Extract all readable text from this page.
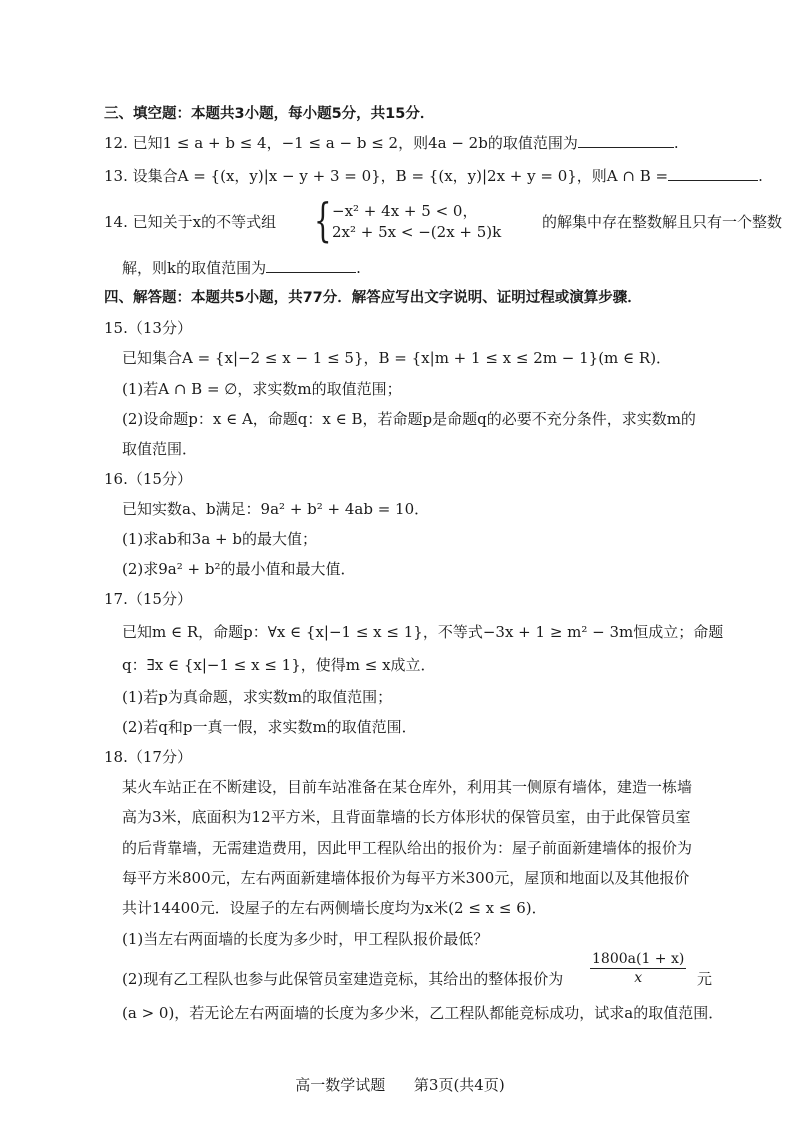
三、填空题：本题共3小题，每小题5分，共15分．
12. 已知1 ≤ a + b ≤ 4，−1 ≤ a − b ≤ 2，则4a − 2b的取值范围为	.
13. 设集合A = {(x，y)|x − y + 3 = 0}，B = {(x，y)|2x + y = 0}，则A ∩ B =	.
14. 已知关于x的不等式组 { −x² + 4x + 5 < 0，
2x² + 5x < −(2x + 5)k
的解集中存在整数解且只有一个整数
解，则k的取值范围为	.
四、解答题：本题共5小题，共77分．解答应写出文字说明、证明过程或演算步骤．
15.（13分）
已知集合A = {x|−2 ≤ x − 1 ≤ 5}，B = {x|m + 1 ≤ x ≤ 2m − 1}(m ∈ R)．
(1)若A ∩ B = ∅，求实数m的取值范围；
(2)设命题p：x ∈ A，命题q：x ∈ B，若命题p是命题q的必要不充分条件，求实数m的
取值范围．
16.（15分）
已知实数a、b满足：9a² + b² + 4ab = 10．
(1)求ab和3a + b的最大值；
(2)求9a² + b²的最小值和最大值．
17.（15分）
已知m ∈ R，命题p：∀x ∈ {x|−1 ≤ x ≤ 1}，不等式−3x + 1 ≥ m² − 3m恒成立；命题
q：∃x ∈ {x|−1 ≤ x ≤ 1}，使得m ≤ x成立．
(1)若p为真命题，求实数m的取值范围；
(2)若q和p一真一假，求实数m的取值范围．
18.（17分）
某火车站正在不断建设，目前车站准备在某仓库外，利用其一侧原有墙体，建造一栋墙
高为3米，底面积为12平方米，且背面靠墙的长方体形状的保管员室，由于此保管员室
的后背靠墙，无需建造费用，因此甲工程队给出的报价为：屋子前面新建墙体的报价为
每平方米800元，左右两面新建墙体报价为每平方米300元，屋顶和地面以及其他报价
共计14400元．设屋子的左右两侧墙长度均为x米(2 ≤ x ≤ 6)．
(1)当左右两面墙的长度为多少时，甲工程队报价最低？
(2)现有乙工程队也参与此保管员室建造竞标，其给出的整体报价为	$\frac{1800a(1 + x)}{x}$ 元
(a > 0)，若无论左右两面墙的长度为多少米，乙工程队都能竞标成功，试求a的取值范围．
高一数学试题 第3页(共4页)
